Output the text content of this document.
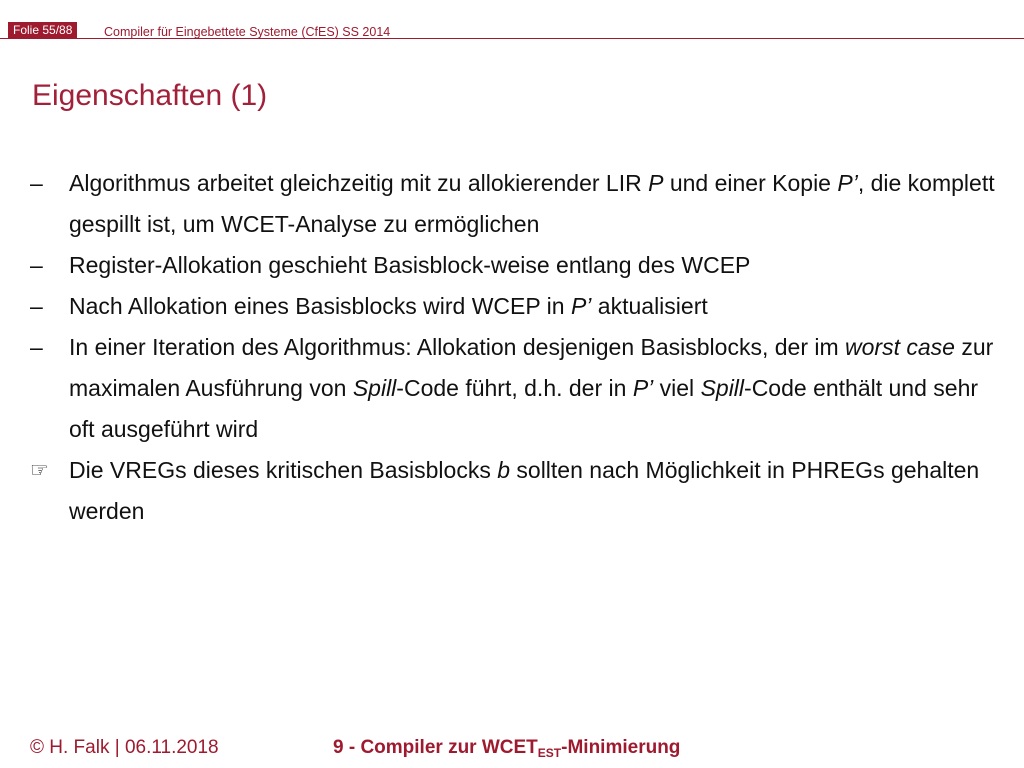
Folie 55/88	Compiler für Eingebettete Systeme (CfES) SS 2014
Eigenschaften (1)
–	Algorithmus arbeitet gleichzeitig mit zu allokierender LIR P und einer Kopie P’, die komplett gespillt ist, um WCET-Analyse zu ermöglichen
–	Register-Allokation geschieht Basisblock-weise entlang des WCEP
–	Nach Allokation eines Basisblocks wird WCEP in P’ aktualisiert
–	In einer Iteration des Algorithmus: Allokation desjenigen Basisblocks, der im worst case zur maximalen Ausführung von Spill-Code führt, d.h. der in P’ viel Spill-Code enthält und sehr oft ausgeführt wird
☞ Die VREGs dieses kritischen Basisblocks b sollten nach Möglichkeit in PHREGs gehalten werden
© H. Falk | 06.11.2018	9 - Compiler zur $WCET_{EST}$-Minimierung
